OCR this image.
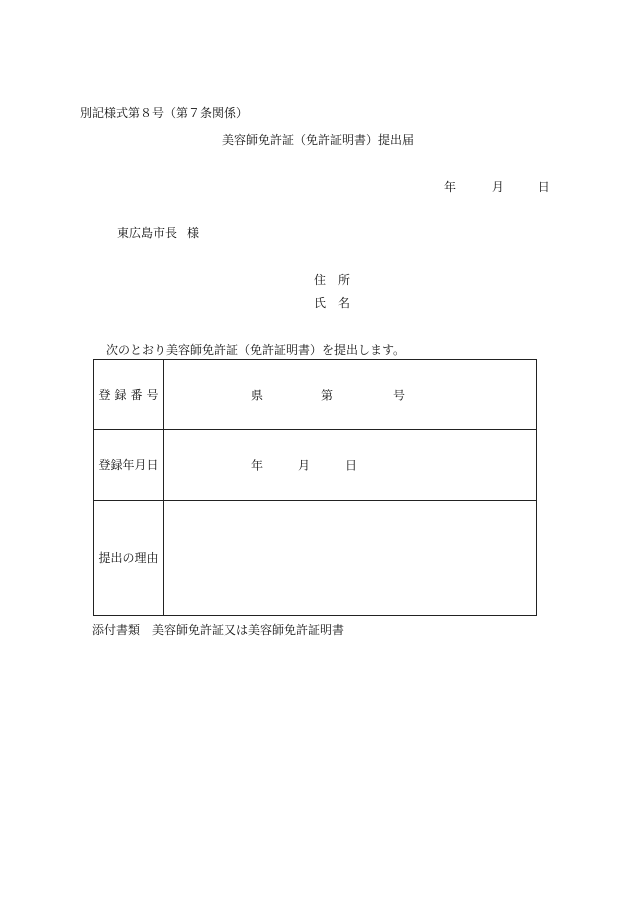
別記様式第８号（第７条関係）
美容師免許証（免許証明書）提出届
年	月	日
東広島市長 様
住 所
氏 名
次のとおり美容師免許証（免許証明書）を提出します。
登 録 番 号	県 第 号

登録年月日	年 月 日

提出の理由	
添付書類 美容師免許証又は美容師免許証明書
